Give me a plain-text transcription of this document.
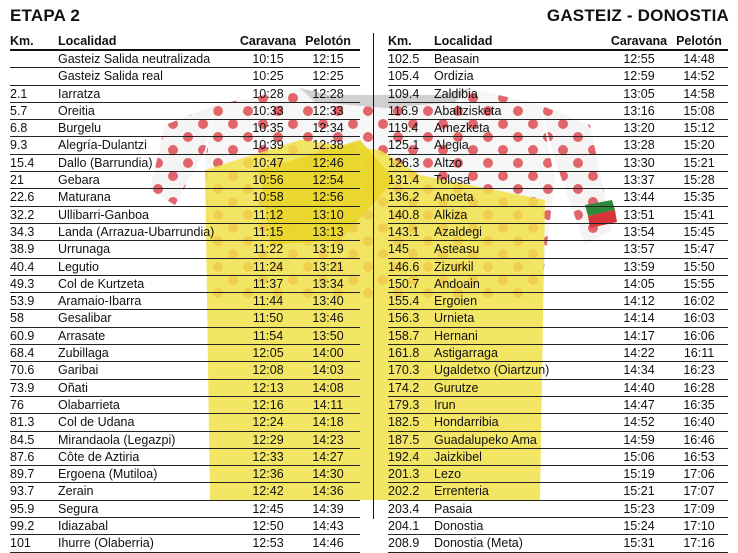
ETAPA 2	GASTEIZ - DONOSTIA
Km. Localidad	Caravana Pelotón
Gasteiz Salida neutralizada	10:15	12:15
Gasteiz Salida real	10:25	12:25
2.1 Iarratza	10:28	12:28
5.7 Oreitia	10:33	12:33
6.8 Burgelu	10:35	12:34
9.3 Alegría-Dulantzi	10:39	12:38
15.4 Dallo (Barrundia)	10:47	12:46
21	Gebara	10:56	12:54
22.6 Maturana	10:58	12:56
32.2 Ullibarri-Ganboa	11:12	13:10
34.3 Landa (Arrazua-Ubarrundia)	11:15	13:13
38.9 Urrunaga	11:22	13:19
40.4 Legutio	11:24	13:21
49.3 Col de Kurtzeta	11:37	13:34
53.9 Aramaio-Ibarra	11:44	13:40
58	Gesalibar	11:50	13:46
60.9 Arrasate	11:54	13:50
68.4 Zubillaga	12:05	14:00
70.6 Garibai	12:08	14:03
73.9 Oñati	12:13	14:08
76	Olabarrieta	12:16	14:11
81.3 Col de Udana	12:24	14:18
84.5 Mirandaola (Legazpi)	12:29	14:23
87.6 Côte de Aztiria	12:33	14:27
89.7 Ergoena (Mutiloa)	12:36	14:30
93.7 Zerain	12:42	14:36
95.9 Segura	12:45	14:39
99.2 Idiazabal	12:50	14:43
101 Ihurre (Olaberria)	12:53	14:46
Km. Localidad	Caravana Pelotón
102.5 Beasain	12:55	14:48
105.4 Ordizia	12:59	14:52
109.4 Zaldibia	13:05	14:58
116.9 Abaltzisketa	13:16	15:08
119.4 Amezketa	13:20	15:12
125.1 Alegia	13:28	15:20
126.3 Altzo	13:30	15:21
131.4 Tolosa	13:37	15:28
136.2 Anoeta	13:44	15:35
140.8 Alkiza	13:51	15:41
143.1 Azaldegi	13:54	15:45
145 Asteasu	13:57	15:47
146.6 Zizurkil	13:59	15:50
150.7 Andoain	14:05	15:55
155.4 Ergoien	14:12	16:02
156.3 Urnieta	14:14	16:03
158.7 Hernani	14:17	16:06
161.8 Astigarraga	14:22	16:11
170.3 Ugaldetxo (Oiartzun)	14:34	16:23
174.2 Gurutze	14:40	16:28
179.3 Irun	14:47	16:35
182.5 Hondarribia	14:52	16:40
187.5 Guadalupeko Ama	14:59	16:46
192.4 Jaizkibel	15:06	16:53
201.3 Lezo	15:19	17:06
202.2 Errenteria	15:21	17:07
203.4 Pasaia	15:23	17:09
204.1 Donostia	15:24	17:10
208.9 Donostia (Meta)	15:31	17:16
